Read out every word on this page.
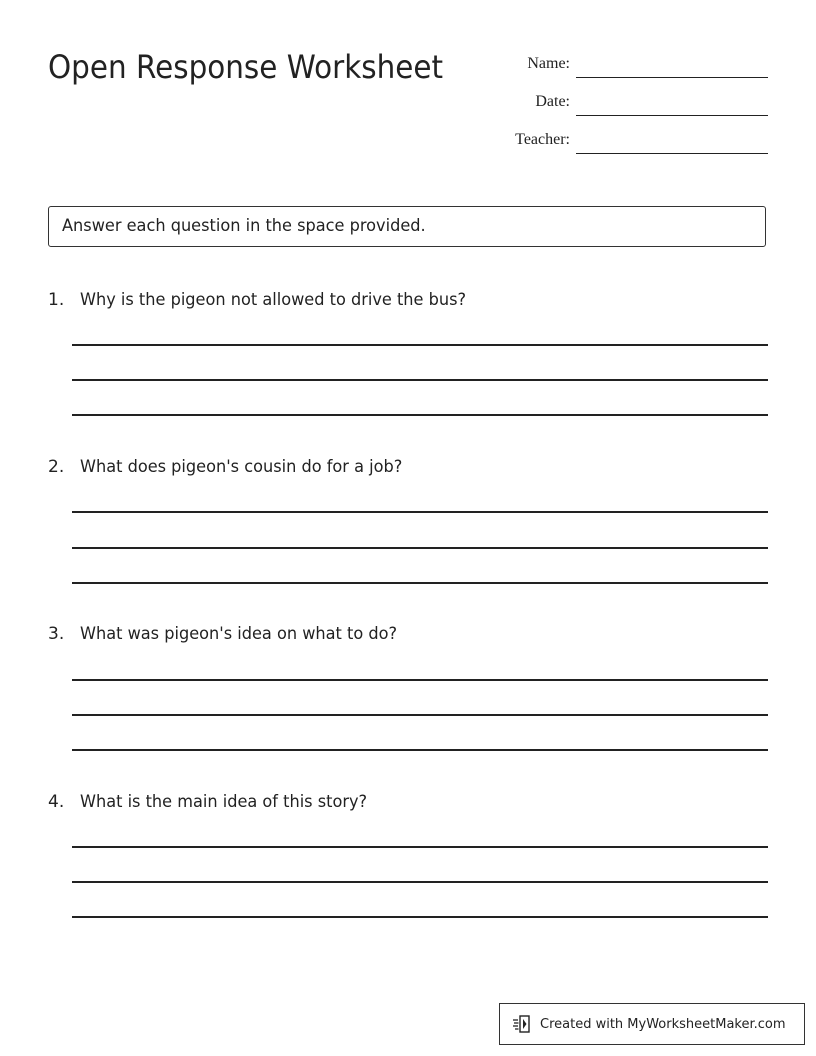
Open Response Worksheet	Name:
Date:
Teacher:
Answer each question in the space provided.
1. Why is the pigeon not allowed to drive the bus?
2. What does pigeon's cousin do for a job?
3. What was pigeon's idea on what to do?
4. What is the main idea of this story?
Created with MyWorksheetMaker.com
